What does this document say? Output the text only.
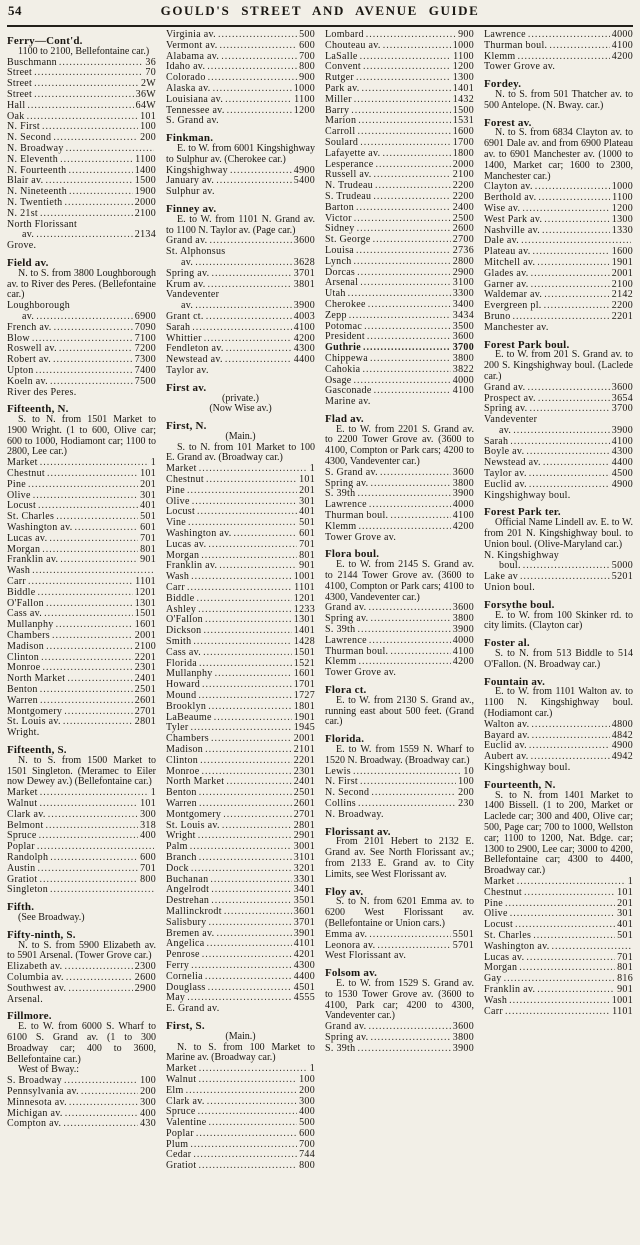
54	GOULD'S STREET AND AVENUE GUIDE
Ferry—Cont'd.
1100 to 2100, Bellefontaine car.)
Buschmann .....	36
Street .....	70
Street .....	2W
Street .....	36W
Hall .....	64W
Oak .....	101
N. First .....	100
N. Second .....	200
N. Broadway
.....
N. Eleventh .....	1100
N. Fourteenth .....	1400
Blair av. .....	1500
N. Nineteenth .....	1900
N. Twentieth .....	2000
N. 21st .....	2100
North Florissant
av. .....	2134
Grove.
Field av.
N. to S. from 3800 Loughborough av. to River des Peres. (Bellefontaine car.)
Loughborough
av. .....	6900
French av. .....	7090
Blow .....	7100
Roswell av. .....	7200
Robert av. .....	7300
Upton .....	7400
Koeln av. .....	7500
River des Peres.
Fifteenth, N.
S. to N. from 1501 Market to 1900 Wright. (1 to 600, Olive car; 600 to 1000, Hodiamont car; 1100 to 2800, Lee car.)
Market .....	1
Chestnut .....	101
Pine .....	201
Olive .....	301
Locust .....	401
St. Charles .....	501
Washington av. .....	601
Lucas av. .....	701
Morgan .....	801
Franklin av. .....	901
Wash
.....
Carr .....	1101
Biddle .....	1201
O'Fallon .....	1301
Cass av. .....	1501
Mullanphy .....	1601
Chambers .....	2001
Madison .....	2100
Clinton .....	2201
Monroe .....	2301
North Market .....	2401
Benton .....	2501
Warren .....	2601
Montgomery .....	2701
St. Louis av. .....	2801
Wright.
Fifteenth, S.
N. to S. from 1500 Market to 1501 Singleton. (Meramec to Eiler now Dewey av.) (Bellefontaine car.)
Market .....	1
Walnut .....	101
Clark av. .....	300
Belmont .....	318
Spruce .....	400
Poplar
.....
Randolph .....	600
Austin .....	701
Gratiot .....	800
Singleton
.....
Fifth.
(See Broadway.)
Fifty-ninth, S.
N. to S. from 5900 Elizabeth av. to 5901 Arsenal. (Tower Grove car.)
Elizabeth av. .....	2300
Columbia av. .....	2600
Southwest av. .....	2900
Arsenal.
Fillmore.
E. to W. from 6000 S. Wharf to 6100 S. Grand av. (1 to 300 Broadway car; 400 to 3600, Bellefontaine car.)
West of Bway.:
S. Broadway .....	100
Pennsylvania av. .....	200
Minnesota av. .....	300
Michigan av. .....	400
Compton av. .....	430
Virginia av. .....	500
Vermont av. .....	600
Alabama av. .....	700
Idaho av. .....	800
Colorado .....	900
Alaska av. .....	1000
Louisiana av. .....	1100
Tennessee av. .....	1200
S. Grand av.
Finkman.
E. to W. from 6001 Kingshighway to Sulphur av. (Cherokee car.)
Kingshighway .....	4900
January av. .....	5400
Sulphur av.
Finney av.
E. to W. from 1101 N. Grand av. to 1100 N. Taylor av. (Page car.)
Grand av. .....	3600
St. Alphonsus
av. .....	3628
Spring av. .....	3701
Krum av. .....	3801
Vandeventer
av. .....	3900
Grant ct. .....	4003
Sarah .....	4100
Whittier .....	4200
Fendleton av. .....	4300
Newstead av. .....	4400
Taylor av.
First av.
(private.)
(Now Wise av.)
First, N.
(Main.)
S. to N. from 101 Market to 100 E. Grand av. (Broadway car.)
Market .....	1
Chestnut .....	101
Pine .....	201
Olive .....	301
Locust .....	401
Vine .....	501
Washington av. .....	601
Lucas av. .....	701
Morgan .....	801
Franklin av. .....	901
Wash .....	1001
Carr .....	1101
Biddle .....	1201
Ashley .....	1233
O'Fallon .....	1301
Dickson .....	1401
Smith .....	1428
Cass av. .....	1501
Florida .....	1521
Mullanphy .....	1601
Howard .....	1701
Mound .....	1727
Brooklyn .....	1801
LaBeaume .....	1901
Tyler .....	1945
Chambers .....	2001
Madison .....	2101
Clinton .....	2201
Monroe .....	2301
North Market .....	2401
Benton .....	2501
Warren .....	2601
Montgomery .....	2701
St. Louis av. .....	2801
Wright .....	2901
Palm .....	3001
Branch .....	3101
Dock .....	3201
Buchanan .....	3301
Angelrodt .....	3401
Destrehan .....	3501
Mallinckrodt .....	3601
Salisbury .....	3701
Bremen av. .....	3901
Angelica .....	4101
Penrose .....	4201
Ferry .....	4300
Cornelia .....	4400
Douglass .....	4501
May .....	4555
E. Grand av.
First, S.
(Main.)
N. to S. from 100 Market to Marine av. (Broadway car.)
Market .....	1
Walnut .....	100
Elm .....	200
Clark av. .....	300
Spruce .....	400
Valentine .....	500
Poplar .....	600
Plum .....	700
Cedar .....	744
Gratiot .....	800
Lombard .....	900
Chouteau av. .....	1000
LaSalle .....	1100
Convent .....	1200
Rutger .....	1300
Park av. .....	1401
Miller .....	1432
Barry .....	1500
Marion .....	1531
Carroll .....	1600
Soulard .....	1700
Lafayette av. .....	1800
Lesperance .....	2000
Russell av. .....	2100
N. Trudeau .....	2200
S. Trudeau .....	2200
Barton .....	2400
Victor .....	2500
Sidney .....	2600
St. George .....	2700
Louisa .....	2736
Lynch .....	2800
Dorcas .....	2900
Arsenal .....	3100
Utah .....	3300
Cherokee .....	3400
Zepp .....	3434
Potomac .....	3500
President .....	3600
Guthrie .....	3700
Chippewa .....	3800
Cahokia .....	3822
Osage .....	4000
Gasconade .....	4100
Marine av.
Flad av.
E. to W. from 2201 S. Grand av. to 2200 Tower Grove av. (3600 to 4100, Compton or Park cars; 4200 to 4300, Vandeventer car.)
S. Grand av. .....	3600
Spring av. .....	3800
S. 39th .....	3900
Lawrence .....	4000
Thurman boul. .....	4100
Klemm .....	4200
Tower Grove av.
Flora boul.
E. to W. from 2145 S. Grand av. to 2144 Tower Grove av. (3600 to 4100, Compton or Park cars; 4100 to 4300, Vandeventer car.)
Grand av. .....	3600
Spring av. .....	3800
S. 39th .....	3900
Lawrence .....	4000
Thurman boul. .....	4100
Klemm .....	4200
Tower Grove av.
Flora ct.
E. to W. from 2130 S. Grand av., running east about 500 feet. (Grand car.)
Florida.
E. to W. from 1559 N. Wharf to 1520 N. Broadway. (Broadway car.)
Lewis .....	10
N. First .....	100
N. Second .....	200
Collins .....	230
N. Broadway.
Florissant av.
From 2101 Hebert to 2132 E. Grand av. See North Florissant av.; from 2133 E. Grand av. to City Limits, see West Florissant av.
Floy av.
S. to N. from 6201 Emma av. to 6200 West Florissant av. (Bellefontaine or Union cars.)
Emma av. .....	5501
Leonora av. .....	5701
West Florissant av.
Folsom av.
E. to W. from 1529 S. Grand av. to 1530 Tower Grove av. (3600 to 4100, Park car; 4200 to 4300, Vandeventer car.)
Grand av. .....	3600
Spring av. .....	3800
S. 39th .....	3900
Lawrence .....	4000
Thurman boul. .....	4100
Klemm .....	4200
Tower Grove av.
Fordey.
N. to S. from 501 Thatcher av. to 500 Antelope. (N. Bway. car.)
Forest av.
N. to S. from 6834 Clayton av. to 6901 Dale av. and from 6900 Plateau av. to 6901 Manchester av. (1000 to 1400, Market car; 1600 to 2300, Manchester car.)
Clayton av. .....	1000
Berthold av. .....	1100
Wise av. .....	1200
West Park av. .....	1300
Nashville av. .....	1330
Dale av.
.....
Plateau av. .....	1600
Mitchell av. .....	1901
Glades av. .....	2001
Garner av. .....	2100
Waldemar av. .....	2142
Evergreen pl. .....	2200
Bruno .....	2201
Manchester av.
Forest Park boul.
E. to W. from 201 S. Grand av. to 200 S. Kingshighway boul. (Laclede car.)
Grand av. .....	3600
Prospect av. .....	3654
Spring av. .....	3700
Vandeventer
av. .....	3900
Sarah .....	4100
Boyle av. .....	4300
Newstead av. .....	4400
Taylor av. .....	4500
Euclid av. .....	4900
Kingshighway boul.
Forest Park ter.
Official Name Lindell av. E. to W. from 201 N. Kingshighway boul. to Union boul. (Olive-Maryland car.)
N. Kingshighway
boul. .....	5000
Lake av .....	5201
Union boul.
Forsythe boul.
E. to W. from 100 Skinker rd. to city limits. (Clayton car)
Foster al.
S. to N. from 513 Biddle to 514 O'Fallon. (N. Broadway car.)
Fountain av.
E. to W. from 1101 Walton av. to 1100 N. Kingshighway boul. (Hodiamont car.)
Walton av. .....	4800
Bayard av. .....	4842
Euclid av. .....	4900
Aubert av. .....	4942
Kingshighway boul.
Fourteenth, N.
S. to N. from 1401 Market to 1400 Bissell. (1 to 200, Market or Laclede car; 300 and 400, Olive car; 500, Page car; 700 to 1000, Wellston car; 1100 to 1200, Nat. Bdge. car; 1300 to 2900, Lee car; 3000 to 4200, Bellefontaine car; 4300 to 4400, Broadway car.)
Market .....	1
Chestnut .....	101
Pine .....	201
Olive .....	301
Locust .....	401
St. Charles .....	501
Washington av.
.....
Lucas av. .....	701
Morgan .....	801
Gay .....	816
Franklin av. .....	901
Wash .....	1001
Carr .....	1101
